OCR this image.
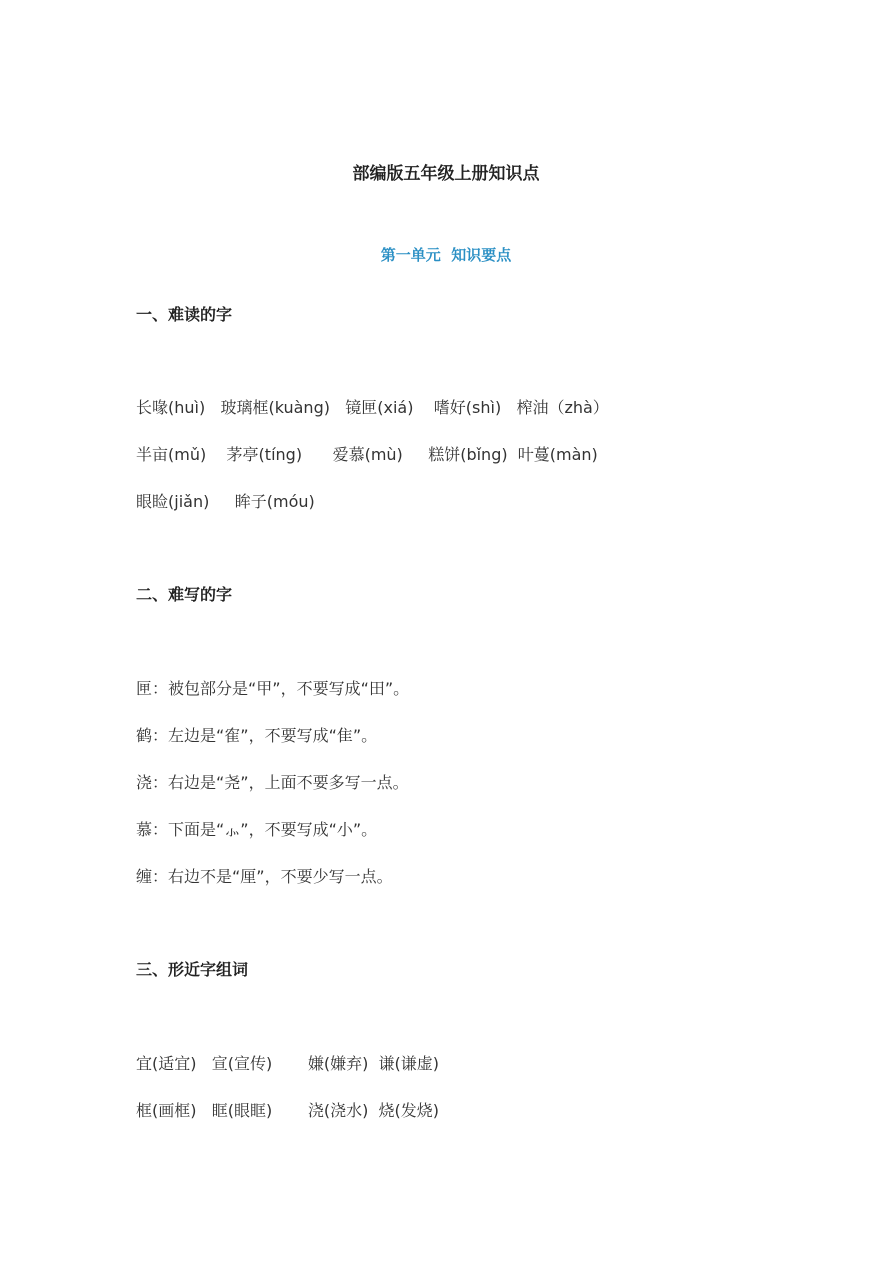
部编版五年级上册知识点
第一单元  知识要点
一、难读的字
长喙(huì)   玻璃框(kuàng)   镜匣(xiá)    嗜好(shì)   榨油（zhà）
半亩(mǔ)    茅亭(tíng)      爱慕(mù)     糕饼(bǐng)  叶蔓(màn)
眼睑(jiǎn)     眸子(móu)
二、难写的字
匣：被包部分是“甲”，不要写成“田”。
鹤：左边是“隺”，不要写成“隹”。
浇：右边是“尧”，上面不要多写一点。
慕：下面是“⺗”，不要写成“小”。
缠：右边不是“厘”，不要少写一点。
三、形近字组词
宜(适宜)   宣(宣传)       嫌(嫌弃)  谦(谦虚)
框(画框)   眶(眼眶)       浇(浇水)  烧(发烧)
